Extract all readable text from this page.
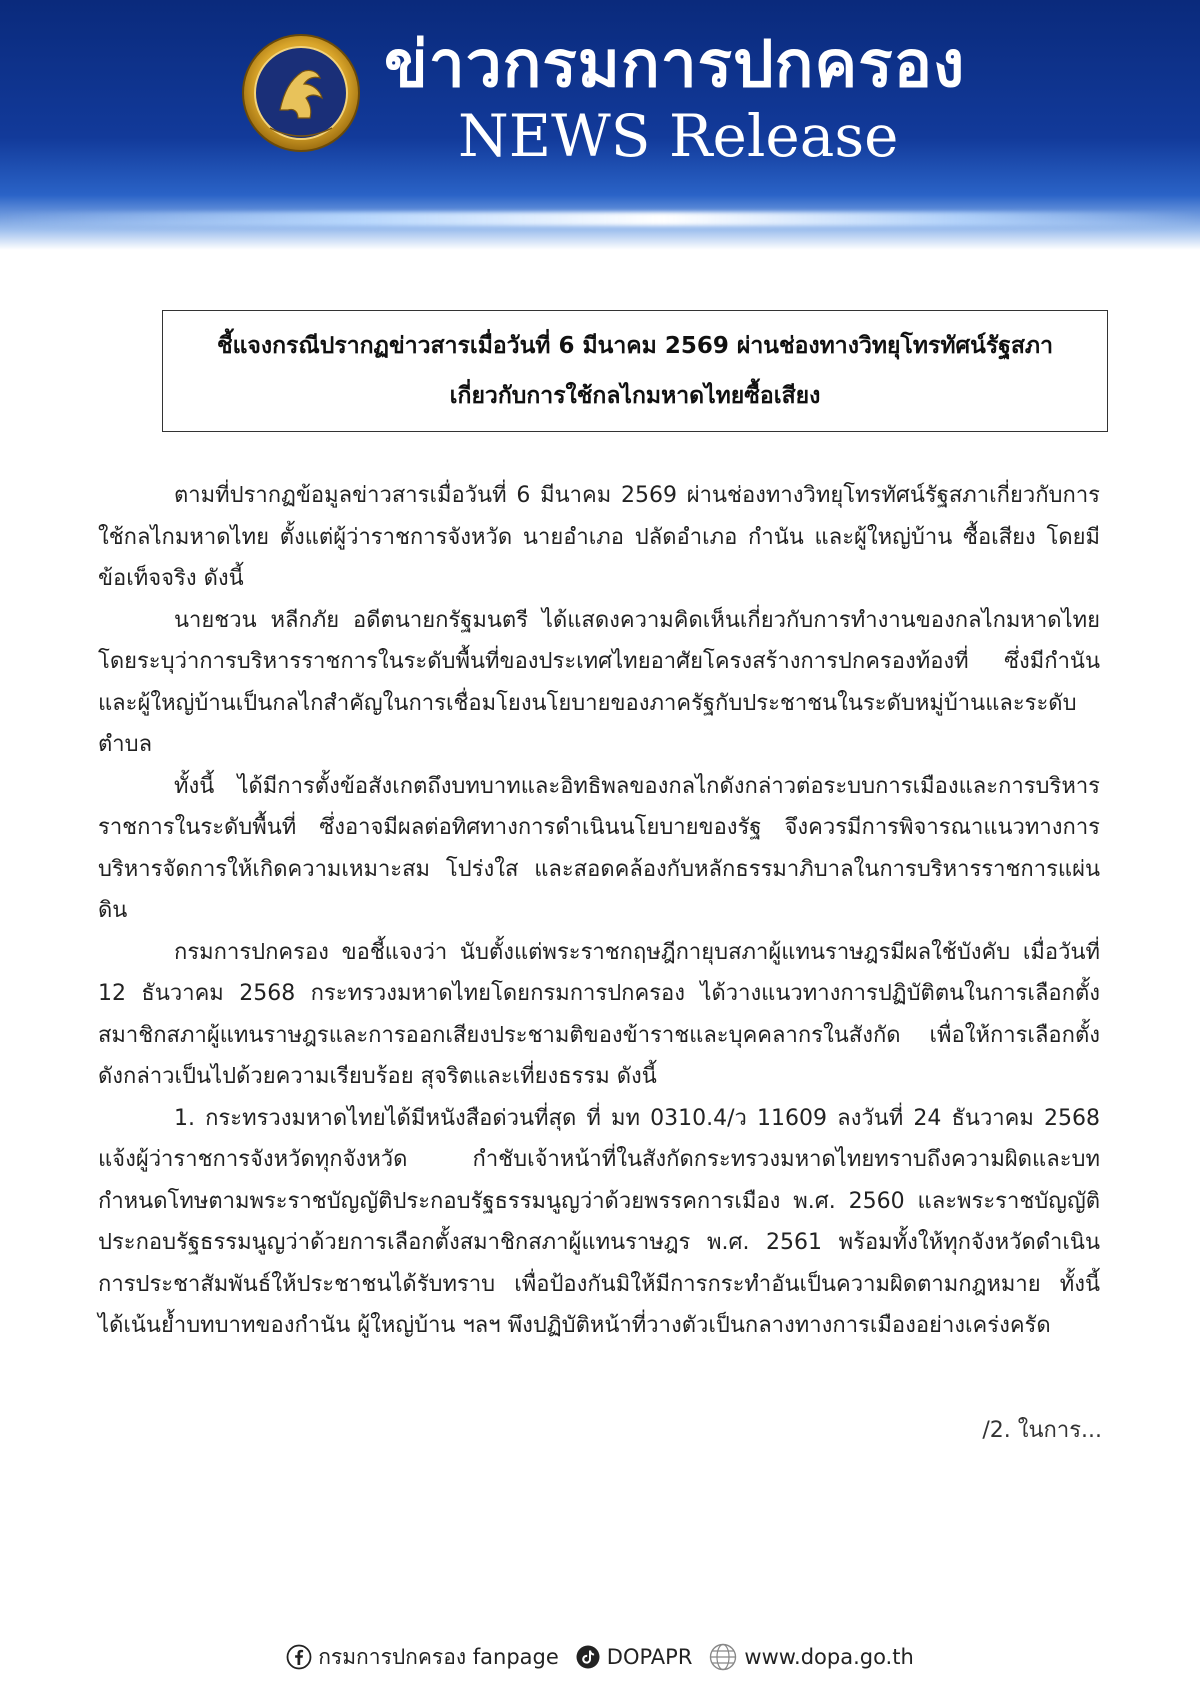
ข่าวกรมการปกครอง
NEWS Release
ชี้แจงกรณีปรากฏข่าวสารเมื่อวันที่ 6 มีนาคม 2569 ผ่านช่องทางวิทยุโทรทัศน์รัฐสภา
เกี่ยวกับการใช้กลไกมหาดไทยซื้อเสียง

ตามที่ปรากฏข้อมูลข่าวสารเมื่อวันที่ 6 มีนาคม 2569 ผ่านช่องทางวิทยุโทรทัศน์รัฐสภาเกี่ยวกับการใช้กลไกมหาดไทย ตั้งแต่ผู้ว่าราชการจังหวัด นายอำเภอ ปลัดอำเภอ กำนัน และผู้ใหญ่บ้าน ซื้อเสียง โดยมีข้อเท็จจริง ดังนี้

นายชวน หลีกภัย อดีตนายกรัฐมนตรี ได้แสดงความคิดเห็นเกี่ยวกับการทำงานของกลไกมหาดไทย โดยระบุว่าการบริหารราชการในระดับพื้นที่ของประเทศไทยอาศัยโครงสร้างการปกครองท้องที่ ซึ่งมีกำนันและผู้ใหญ่บ้านเป็นกลไกสำคัญในการเชื่อมโยงนโยบายของภาครัฐกับประชาชนในระดับหมู่บ้านและระดับตำบล

ทั้งนี้ ได้มีการตั้งข้อสังเกตถึงบทบาทและอิทธิพลของกลไกดังกล่าวต่อระบบการเมืองและการบริหารราชการในระดับพื้นที่ ซึ่งอาจมีผลต่อทิศทางการดำเนินนโยบายของรัฐ จึงควรมีการพิจารณาแนวทางการบริหารจัดการให้เกิดความเหมาะสม โปร่งใส และสอดคล้องกับหลักธรรมาภิบาลในการบริหารราชการแผ่นดิน

กรมการปกครอง ขอชี้แจงว่า นับตั้งแต่พระราชกฤษฎีกายุบสภาผู้แทนราษฎรมีผลใช้บังคับ เมื่อวันที่ 12 ธันวาคม 2568 กระทรวงมหาดไทยโดยกรมการปกครอง ได้วางแนวทางการปฏิบัติตนในการเลือกตั้งสมาชิกสภาผู้แทนราษฎรและการออกเสียงประชามติของข้าราชและบุคคลากรในสังกัด เพื่อให้การเลือกตั้งดังกล่าวเป็นไปด้วยความเรียบร้อย สุจริตและเที่ยงธรรม ดังนี้

1. กระทรวงมหาดไทยได้มีหนังสือด่วนที่สุด ที่ มท 0310.4/ว 11609 ลงวันที่ 24 ธันวาคม 2568 แจ้งผู้ว่าราชการจังหวัดทุกจังหวัด กำชับเจ้าหน้าที่ในสังกัดกระทรวงมหาดไทยทราบถึงความผิดและบทกำหนดโทษตามพระราชบัญญัติประกอบรัฐธรรมนูญว่าด้วยพรรคการเมือง พ.ศ. 2560 และพระราชบัญญัติประกอบรัฐธรรมนูญว่าด้วยการเลือกตั้งสมาชิกสภาผู้แทนราษฎร พ.ศ. 2561 พร้อมทั้งให้ทุกจังหวัดดำเนินการประชาสัมพันธ์ให้ประชาชนได้รับทราบ เพื่อป้องกันมิให้มีการกระทำอันเป็นความผิดตามกฎหมาย ทั้งนี้ ได้เน้นย้ำบทบาทของกำนัน ผู้ใหญ่บ้าน ฯลฯ พึงปฏิบัติหน้าที่วางตัวเป็นกลางทางการเมืองอย่างเคร่งครัด

/2. ในการ...
กรมการปกครอง fanpage DOPAPR www.dopa.go.th
